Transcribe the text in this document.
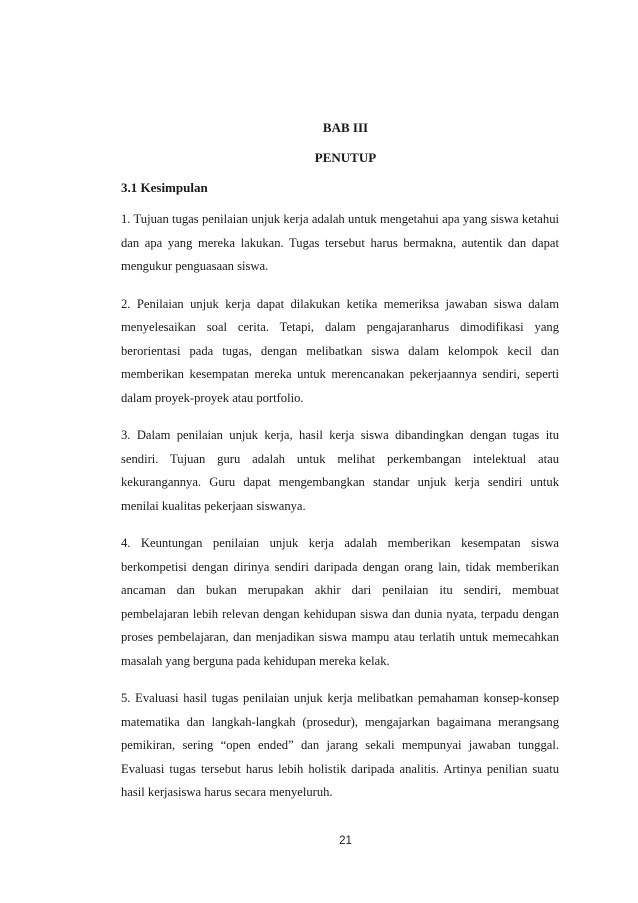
BAB III
PENUTUP
3.1 Kesimpulan

1. Tujuan tugas penilaian unjuk kerja adalah untuk mengetahui apa yang siswa ketahui dan apa yang mereka lakukan. Tugas tersebut harus bermakna, autentik dan dapat mengukur penguasaan siswa.

2. Penilaian unjuk kerja dapat dilakukan ketika memeriksa jawaban siswa dalam menyelesaikan soal cerita. Tetapi, dalam pengajaranharus dimodifikasi yang berorientasi pada tugas, dengan melibatkan siswa dalam kelompok kecil dan memberikan kesempatan mereka untuk merencanakan pekerjaannya sendiri, seperti dalam proyek-proyek atau portfolio.

3. Dalam penilaian unjuk kerja, hasil kerja siswa dibandingkan dengan tugas itu sendiri. Tujuan guru adalah untuk melihat perkembangan intelektual atau kekurangannya. Guru dapat mengembangkan standar unjuk kerja sendiri untuk menilai kualitas pekerjaan siswanya.

4. Keuntungan penilaian unjuk kerja adalah memberikan kesempatan siswa berkompetisi dengan dirinya sendiri daripada dengan orang lain, tidak memberikan ancaman dan bukan merupakan akhir dari penilaian itu sendiri, membuat pembelajaran lebih relevan dengan kehidupan siswa dan dunia nyata, terpadu dengan proses pembelajaran, dan menjadikan siswa mampu atau terlatih untuk memecahkan masalah yang berguna pada kehidupan mereka kelak.

5. Evaluasi hasil tugas penilaian unjuk kerja melibatkan pemahaman konsep-konsep matematika dan langkah-langkah (prosedur), mengajarkan bagaimana merangsang pemikiran, sering “open ended” dan jarang sekali mempunyai jawaban tunggal. Evaluasi tugas tersebut harus lebih holistik daripada analitis. Artinya penilian suatu hasil kerjasiswa harus secara menyeluruh.

21
